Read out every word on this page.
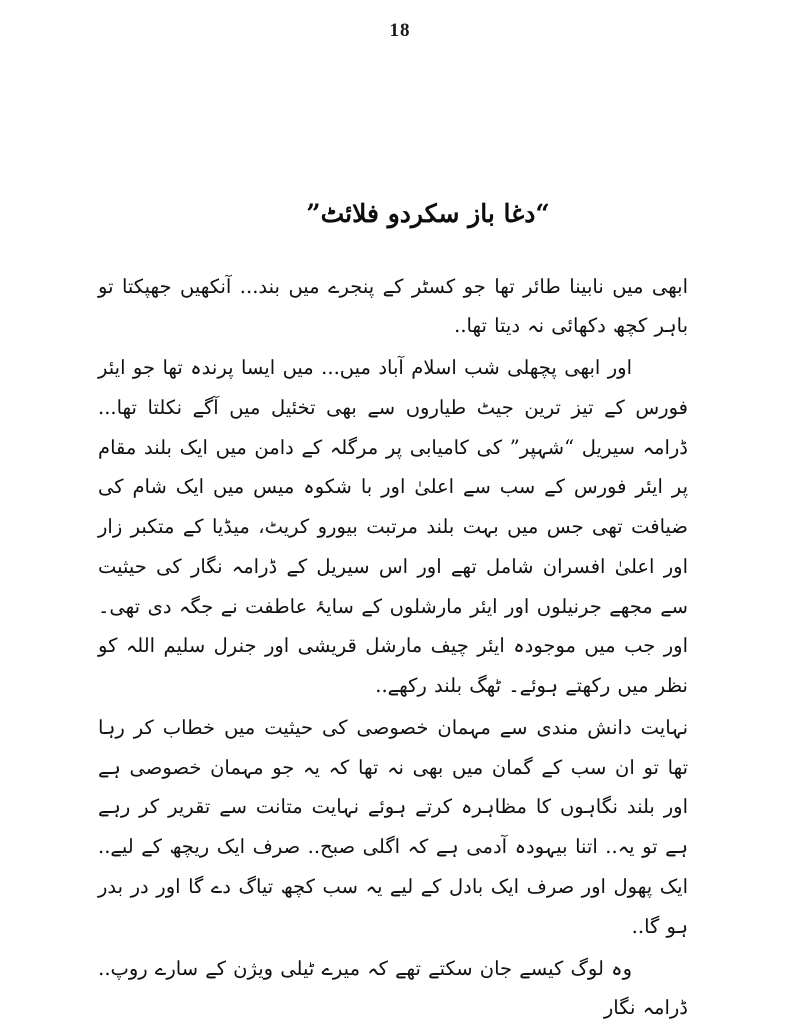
18
“دغا باز سکردو فلائٹ”

ابھی میں نابینا طائر تھا جو کسٹر کے پنجرے میں بند... آنکھیں جھپکتا تو باہر کچھ دکھائی نہ دیتا تھا..

اور ابھی پچھلی شب اسلام آباد میں... میں ایسا پرندہ تھا جو ایئر فورس کے تیز ترین جیٹ طیاروں سے بھی تخئیل میں آگے نکلتا تھا... ڈرامہ سیریل “شہپر” کی کامیابی پر مرگلہ کے دامن میں ایک بلند مقام پر ایئر فورس کے سب سے اعلیٰ اور با شکوہ میس میں ایک شام کی ضیافت تھی جس میں بہت بلند مرتبت بیورو کریٹ، میڈیا کے متکبر زار اور اعلیٰ افسران شامل تھے اور اس سیریل کے ڈرامہ نگار کی حیثیت سے مجھے جرنیلوں اور ایئر مارشلوں کے سایۂ عاطفت نے جگہ دی تھی۔ اور جب میں موجودہ ایئر چیف مارشل قریشی اور جنرل سلیم اللہ کو نظر میں رکھتے ہوئے۔ ٹھگ بلند رکھے..

نہایت دانش مندی سے مہمان خصوصی کی حیثیت میں خطاب کر رہا تھا تو ان سب کے گمان میں بھی نہ تھا کہ یہ جو مہمان خصوصی ہے اور بلند نگاہوں کا مظاہرہ کرتے ہوئے نہایت متانت سے تقریر کر رہے ہے تو یہ.. اتنا بیہودہ آدمی ہے کہ اگلی صبح.. صرف ایک ریچھ کے لیے.. ایک پھول اور صرف ایک بادل کے لیے یہ سب کچھ تیاگ دے گا اور در بدر ہو گا..

وہ لوگ کیسے جان سکتے تھے کہ میرے ٹیلی ویژن کے سارے روپ.. ڈرامہ نگار
